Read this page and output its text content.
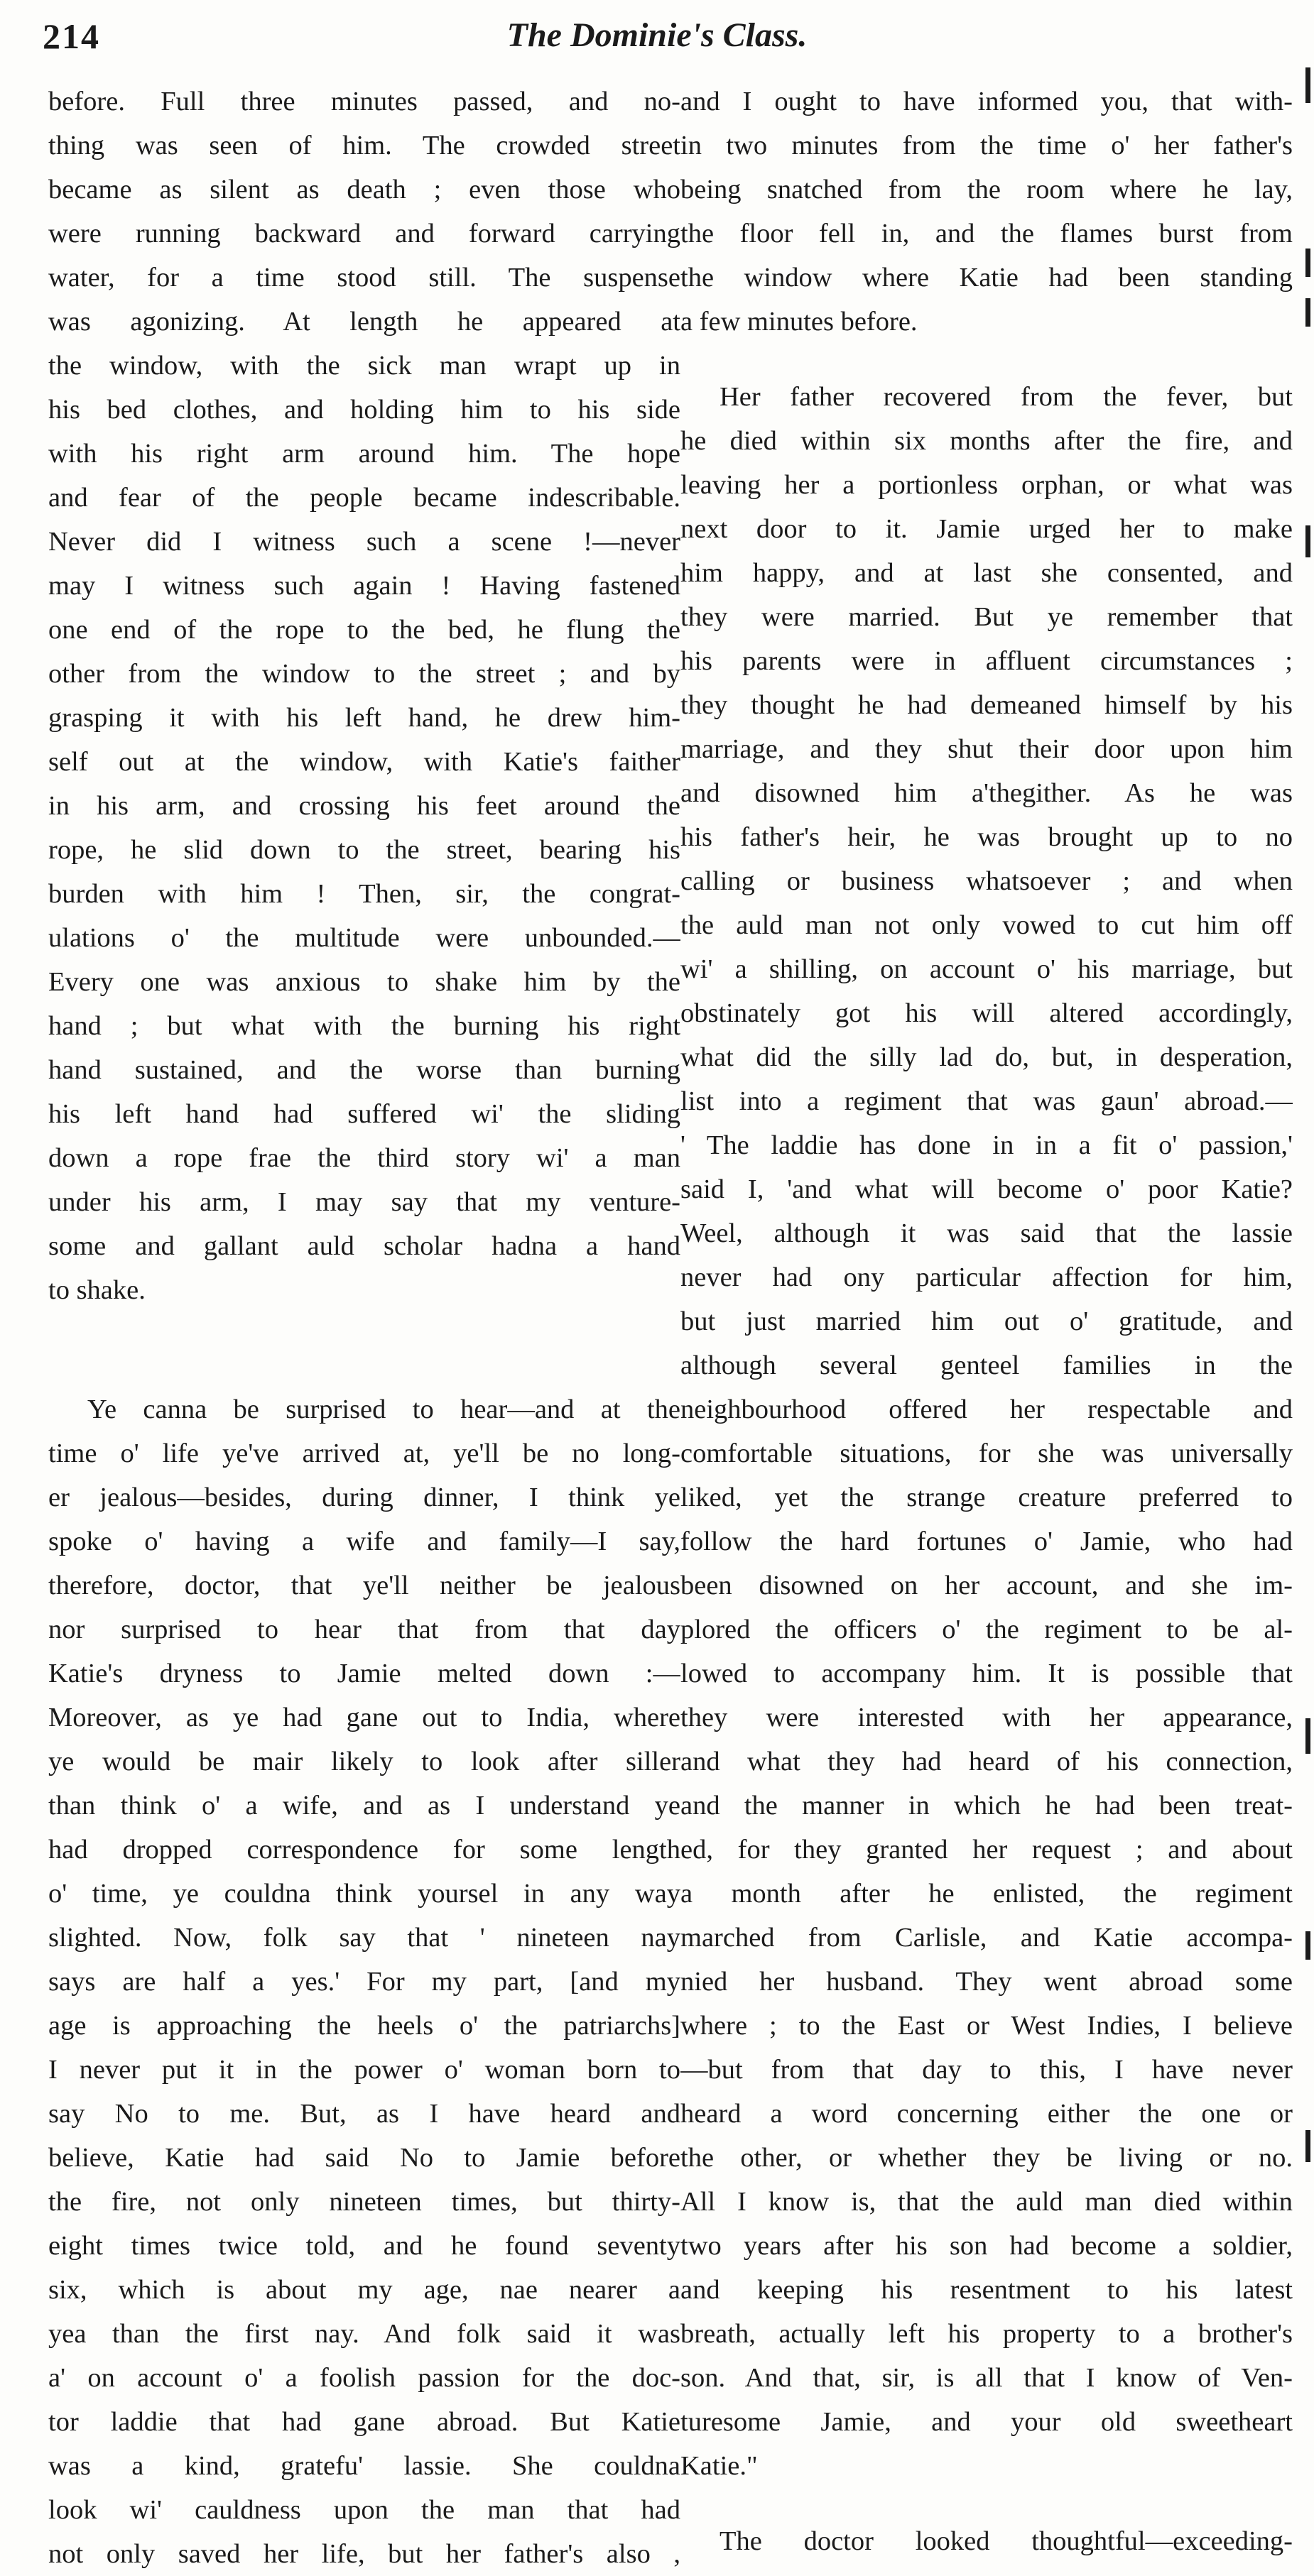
214	The Dominie's Class.
before. Full three minutes passed, and no-
thing was seen of him. The crowded street
became as silent as death ; even those who
were running backward and forward carrying
water, for a time stood still. The suspense
was agonizing. At length he appeared at
the window, with the sick man wrapt up in
his bed clothes, and holding him to his side
with his right arm around him. The hope
and fear of the people became indescribable.
Never did I witness such a scene !—never
may I witness such again ! Having fastened
one end of the rope to the bed, he flung the
other from the window to the street ; and by
grasping it with his left hand, he drew him-
self out at the window, with Katie's faither
in his arm, and crossing his feet around the
rope, he slid down to the street, bearing his
burden with him ! Then, sir, the congrat-
ulations o' the multitude were unbounded.—
Every one was anxious to shake him by the
hand ; but what with the burning his right
hand sustained, and the worse than burning
his left hand had suffered wi' the sliding
down a rope frae the third story wi' a man
under his arm, I may say that my venture-
some and gallant auld scholar hadna a hand
to shake.
Ye canna be surprised to hear—and at the
time o' life ye've arrived at, ye'll be no long-
er jealous—besides, during dinner, I think ye
spoke o' having a wife and family—I say,
therefore, doctor, that ye'll neither be jealous
nor surprised to hear that from that day
Katie's dryness to Jamie melted down :—
Moreover, as ye had gane out to India, where
ye would be mair likely to look after siller
than think o' a wife, and as I understand ye
had dropped correspondence for some length
o' time, ye couldna think yoursel in any way
slighted. Now, folk say that ' nineteen nay
says are half a yes.' For my part, [and my
age is approaching the heels o' the patriarchs]
I never put it in the power o' woman born to
say No to me. But, as I have heard and
believe, Katie had said No to Jamie before
the fire, not only nineteen times, but thirty-
eight times twice told, and he found seventy
six, which is about my age, nae nearer a
yea than the first nay. And folk said it was
a' on account o' a foolish passion for the doc-
tor laddie that had gane abroad. But Katie
was a kind, gratefu' lassie. She couldna
look wi' cauldness upon the man that had
not only saved her life, but her father's also ,
and I ought to have informed you, that with-
in two minutes from the time o' her father's
being snatched from the room where he lay,
the floor fell in, and the flames burst from
the window where Katie had been standing
a few minutes before.
Her father recovered from the fever, but
he died within six months after the fire, and
leaving her a portionless orphan, or what was
next door to it. Jamie urged her to make
him happy, and at last she consented, and
they were married. But ye remember that
his parents were in affluent circumstances ;
they thought he had demeaned himself by his
marriage, and they shut their door upon him
and disowned him a'thegither. As he was
his father's heir, he was brought up to no
calling or business whatsoever ; and when
the auld man not only vowed to cut him off
wi' a shilling, on account o' his marriage, but
obstinately got his will altered accordingly,
what did the silly lad do, but, in desperation,
list into a regiment that was gaun' abroad.—
' The laddie has done in in a fit o' passion,'
said I, 'and what will become o' poor Katie?
Weel, although it was said that the lassie
never had ony particular affection for him,
but just married him out o' gratitude, and
although several genteel families in the
neighbourhood offered her respectable and
comfortable situations, for she was universally
liked, yet the strange creature preferred to
follow the hard fortunes o' Jamie, who had
been disowned on her account, and she im-
plored the officers o' the regiment to be al-
lowed to accompany him. It is possible that
they were interested with her appearance,
and what they had heard of his connection,
and the manner in which he had been treat-
ed, for they granted her request ; and about
a month after he enlisted, the regiment
marched from Carlisle, and Katie accompa-
nied her husband. They went abroad some
where ; to the East or West Indies, I believe
—but from that day to this, I have never
heard a word concerning either the one or
the other, or whether they be living or no.
All I know is, that the auld man died within
two years after his son had become a soldier,
and keeping his resentment to his latest
breath, actually left his property to a brother's
son. And that, sir, is all that I know of Ven-
turesome Jamie, and your old sweetheart
Katie."
The doctor looked thoughtful—exceeding-
